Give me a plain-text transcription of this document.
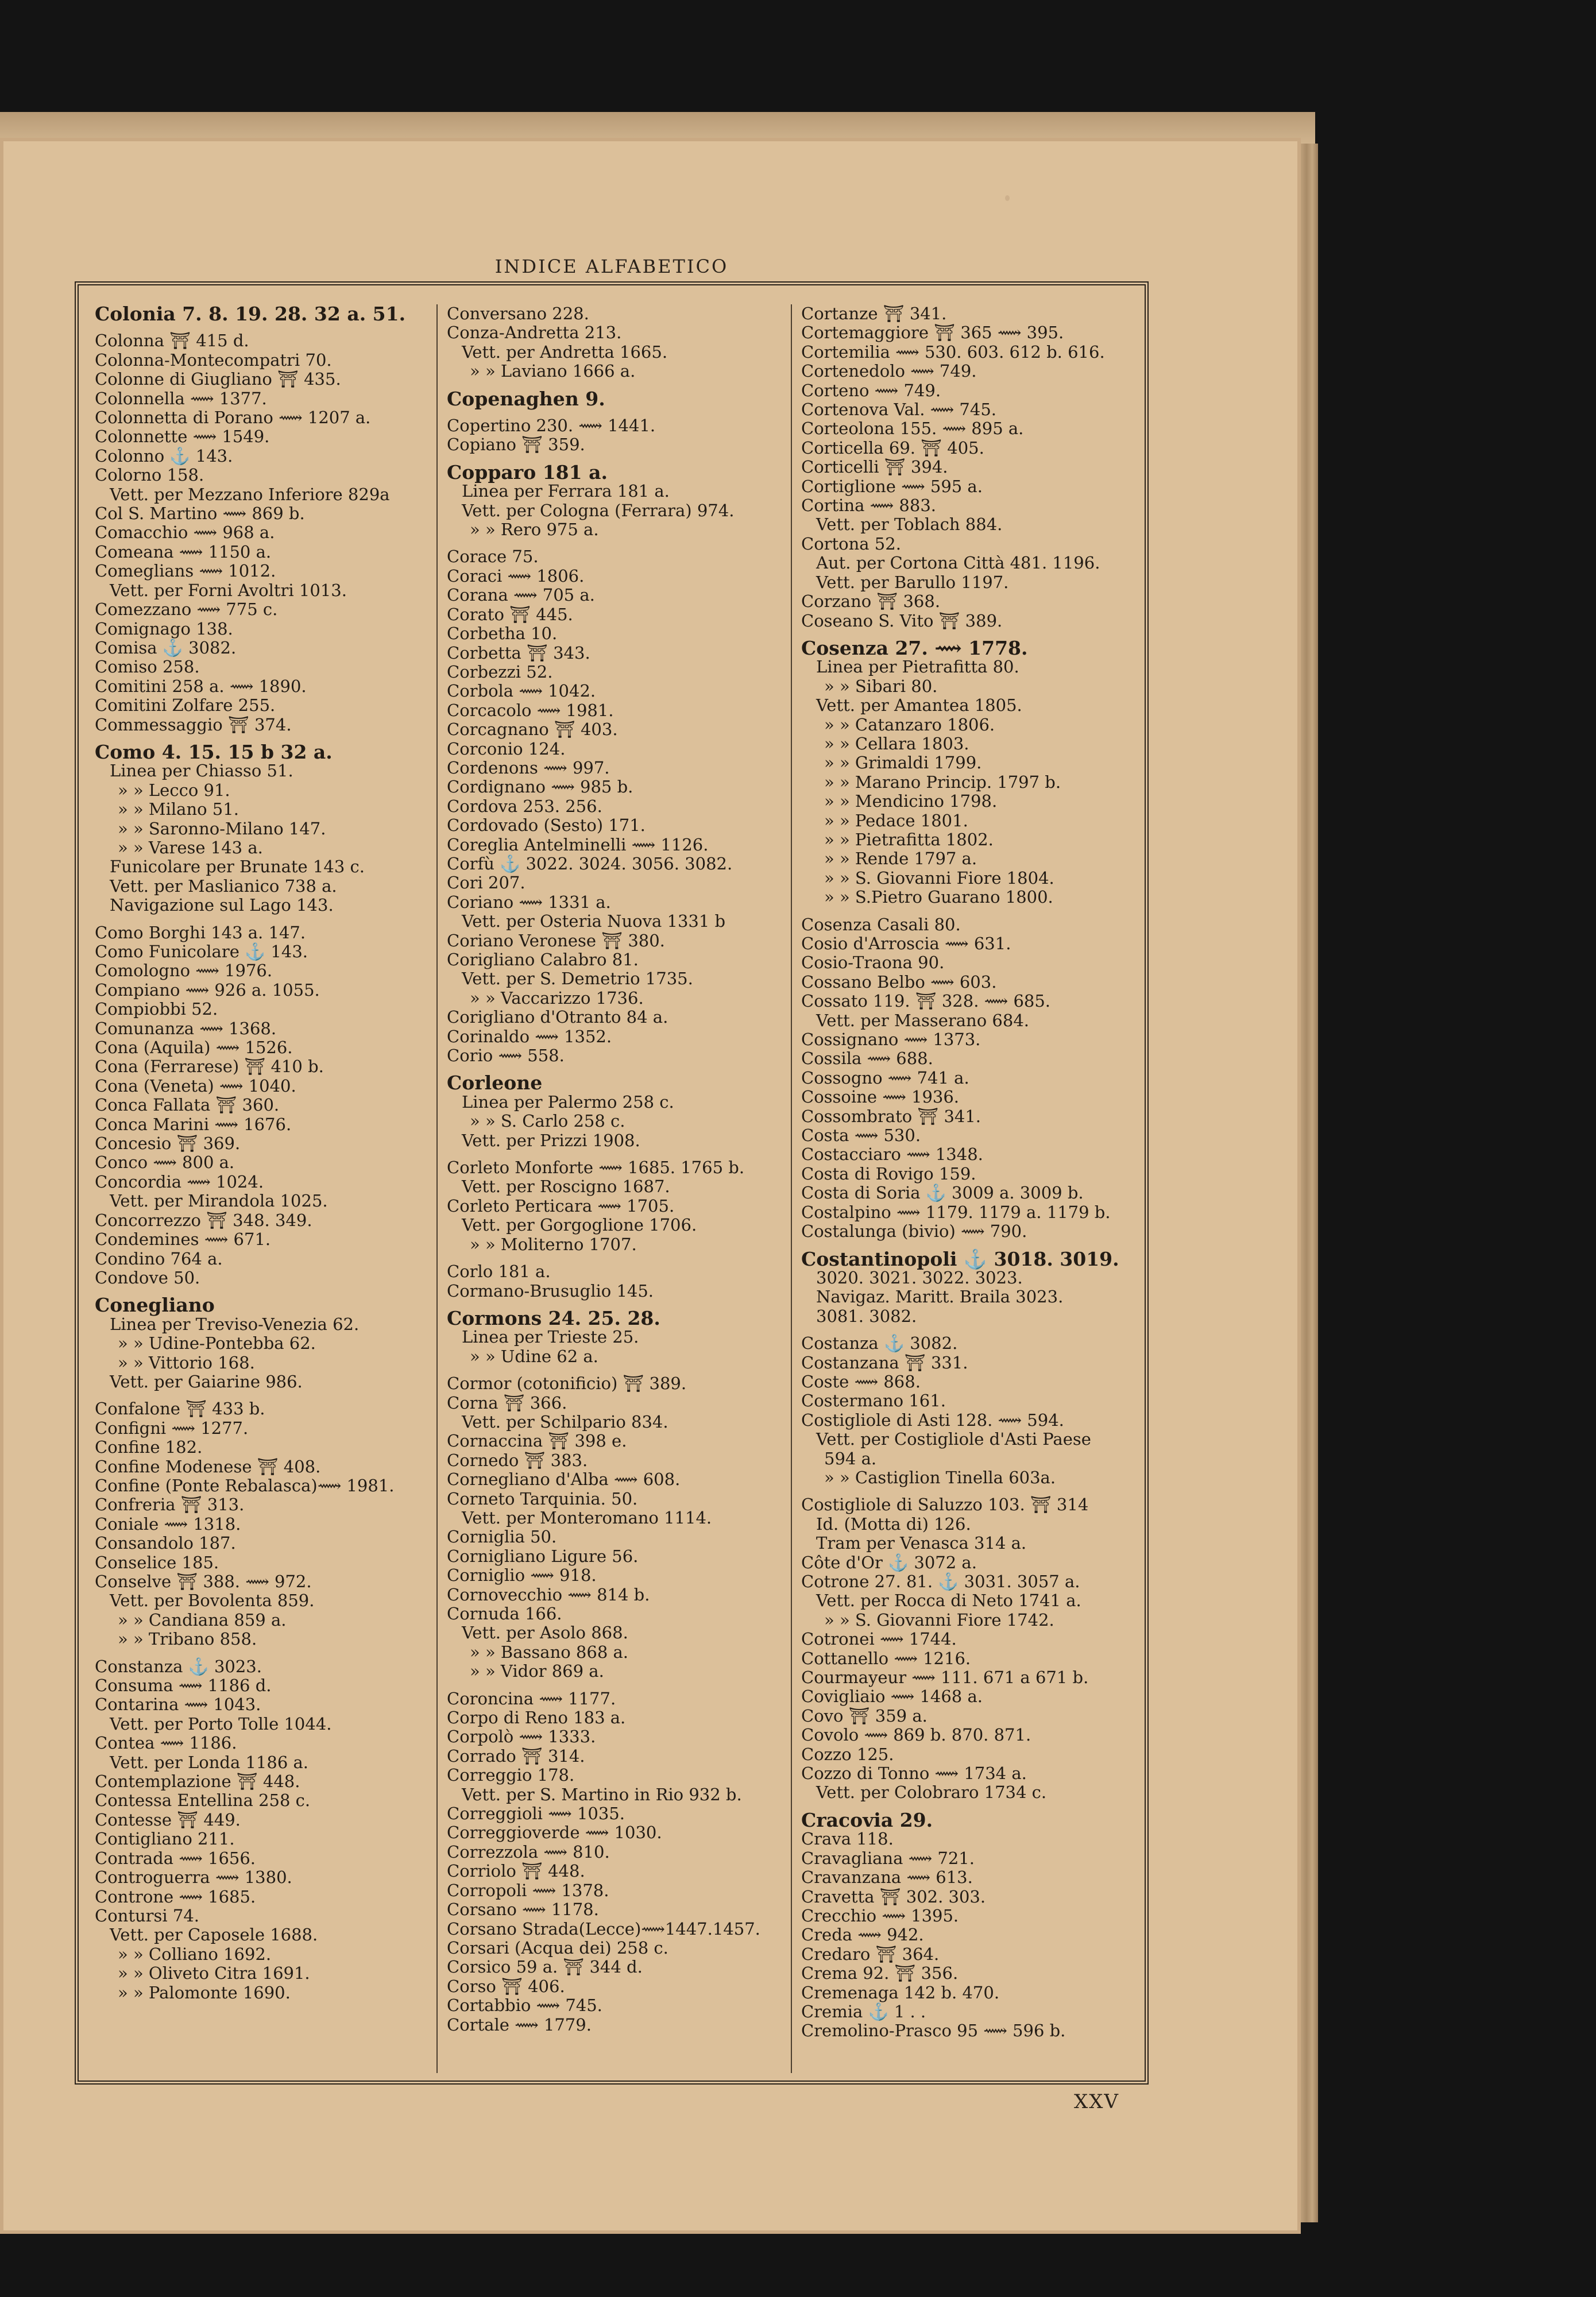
INDICE ALFABETICO
Colonia 7. 8. 19. 28. 32 a. 51.
Colonna ⛩ 415 d.
Colonna-Montecompatri 70.
Colonne di Giugliano ⛩ 435.
Colonnella ⟿ 1377.
Colonnetta di Porano ⟿ 1207 a.
Colonnette ⟿ 1549.
Colonno ⚓ 143.
Colorno 158.
Vett. per Mezzano Inferiore 829a
Col S. Martino ⟿ 869 b.
Comacchio ⟿ 968 a.
Comeana ⟿ 1150 a.
Comeglians ⟿ 1012.
Vett. per Forni Avoltri 1013.
Comezzano ⟿ 775 c.
Comignago 138.
Comisa ⚓ 3082.
Comiso 258.
Comitini 258 a. ⟿ 1890.
Comitini Zolfare 255.
Commessaggio ⛩ 374.
Como 4. 15. 15 b 32 a.
Linea per Chiasso 51.
» » Lecco 91.
» » Milano 51.
» » Saronno-Milano 147.
» » Varese 143 a.
Funicolare per Brunate 143 c.
Vett. per Maslianico 738 a.
Navigazione sul Lago 143.
Como Borghi 143 a. 147.
Como Funicolare ⚓ 143.
Comologno ⟿ 1976.
Compiano ⟿ 926 a. 1055.
Compiobbi 52.
Comunanza ⟿ 1368.
Cona (Aquila) ⟿ 1526.
Cona (Ferrarese) ⛩ 410 b.
Cona (Veneta) ⟿ 1040.
Conca Fallata ⛩ 360.
Conca Marini ⟿ 1676.
Concesio ⛩ 369.
Conco ⟿ 800 a.
Concordia ⟿ 1024.
Vett. per Mirandola 1025.
Concorrezzo ⛩ 348. 349.
Condemines ⟿ 671.
Condino 764 a.
Condove 50.
Conegliano
Linea per Treviso-Venezia 62.
» » Udine-Pontebba 62.
» » Vittorio 168.
Vett. per Gaiarine 986.
Confalone ⛩ 433 b.
Configni ⟿ 1277.
Confine 182.
Confine Modenese ⛩ 408.
Confine (Ponte Rebalasca)⟿ 1981.
Confreria ⛩ 313.
Coniale ⟿ 1318.
Consandolo 187.
Conselice 185.
Conselve ⛩ 388. ⟿ 972.
Vett. per Bovolenta 859.
» » Candiana 859 a.
» » Tribano 858.
Constanza ⚓ 3023.
Consuma ⟿ 1186 d.
Contarina ⟿ 1043.
Vett. per Porto Tolle 1044.
Contea ⟿ 1186.
Vett. per Londa 1186 a.
Contemplazione ⛩ 448.
Contessa Entellina 258 c.
Contesse ⛩ 449.
Contigliano 211.
Contrada ⟿ 1656.
Controguerra ⟿ 1380.
Controne ⟿ 1685.
Contursi 74.
Vett. per Caposele 1688.
» » Colliano 1692.
» » Oliveto Citra 1691.
» » Palomonte 1690.
Conversano 228.
Conza-Andretta 213.
Vett. per Andretta 1665.
» » Laviano 1666 a.
Copenaghen 9.
Copertino 230. ⟿ 1441.
Copiano ⛩ 359.
Copparo 181 a.
Linea per Ferrara 181 a.
Vett. per Cologna (Ferrara) 974.
» » Rero 975 a.
Corace 75.
Coraci ⟿ 1806.
Corana ⟿ 705 a.
Corato ⛩ 445.
Corbetha 10.
Corbetta ⛩ 343.
Corbezzi 52.
Corbola ⟿ 1042.
Corcacolo ⟿ 1981.
Corcagnano ⛩ 403.
Corconio 124.
Cordenons ⟿ 997.
Cordignano ⟿ 985 b.
Cordova 253. 256.
Cordovado (Sesto) 171.
Coreglia Antelminelli ⟿ 1126.
Corfù ⚓ 3022. 3024. 3056. 3082.
Cori 207.
Coriano ⟿ 1331 a.
Vett. per Osteria Nuova 1331 b
Coriano Veronese ⛩ 380.
Corigliano Calabro 81.
Vett. per S. Demetrio 1735.
» » Vaccarizzo 1736.
Corigliano d'Otranto 84 a.
Corinaldo ⟿ 1352.
Corio ⟿ 558.
Corleone
Linea per Palermo 258 c.
» » S. Carlo 258 c.
Vett. per Prizzi 1908.
Corleto Monforte ⟿ 1685. 1765 b.
Vett. per Roscigno 1687.
Corleto Perticara ⟿ 1705.
Vett. per Gorgoglione 1706.
» » Moliterno 1707.
Corlo 181 a.
Cormano-Brusuglio 145.
Cormons 24. 25. 28.
Linea per Trieste 25.
» » Udine 62 a.
Cormor (cotonificio) ⛩ 389.
Corna ⛩ 366.
Vett. per Schilpario 834.
Cornaccina ⛩ 398 e.
Cornedo ⛩ 383.
Cornegliano d'Alba ⟿ 608.
Corneto Tarquinia. 50.
Vett. per Monteromano 1114.
Corniglia 50.
Cornigliano Ligure 56.
Corniglio ⟿ 918.
Cornovecchio ⟿ 814 b.
Cornuda 166.
Vett. per Asolo 868.
» » Bassano 868 a.
» » Vidor 869 a.
Coroncina ⟿ 1177.
Corpo di Reno 183 a.
Corpolò ⟿ 1333.
Corrado ⛩ 314.
Correggio 178.
Vett. per S. Martino in Rio 932 b.
Correggioli ⟿ 1035.
Correggioverde ⟿ 1030.
Correzzola ⟿ 810.
Corriolo ⛩ 448.
Corropoli ⟿ 1378.
Corsano ⟿ 1178.
Corsano Strada(Lecce)⟿1447.1457.
Corsari (Acqua dei) 258 c.
Corsico 59 a. ⛩ 344 d.
Corso ⛩ 406.
Cortabbio ⟿ 745.
Cortale ⟿ 1779.
Cortanze ⛩ 341.
Cortemaggiore ⛩ 365 ⟿ 395.
Cortemilia ⟿ 530. 603. 612 b. 616.
Cortenedolo ⟿ 749.
Corteno ⟿ 749.
Cortenova Val. ⟿ 745.
Corteolona 155. ⟿ 895 a.
Corticella 69. ⛩ 405.
Corticelli ⛩ 394.
Cortiglione ⟿ 595 a.
Cortina ⟿ 883.
Vett. per Toblach 884.
Cortona 52.
Aut. per Cortona Città 481. 1196.
Vett. per Barullo 1197.
Corzano ⛩ 368.
Coseano S. Vito ⛩ 389.
Cosenza 27. ⟿ 1778.
Linea per Pietrafitta 80.
» » Sibari 80.
Vett. per Amantea 1805.
» » Catanzaro 1806.
» » Cellara 1803.
» » Grimaldi 1799.
» » Marano Princip. 1797 b.
» » Mendicino 1798.
» » Pedace 1801.
» » Pietrafitta 1802.
» » Rende 1797 a.
» » S. Giovanni Fiore 1804.
» » S.Pietro Guarano 1800.
Cosenza Casali 80.
Cosio d'Arroscia ⟿ 631.
Cosio-Traona 90.
Cossano Belbo ⟿ 603.
Cossato 119. ⛩ 328. ⟿ 685.
Vett. per Masserano 684.
Cossignano ⟿ 1373.
Cossila ⟿ 688.
Cossogno ⟿ 741 a.
Cossoine ⟿ 1936.
Cossombrato ⛩ 341.
Costa ⟿ 530.
Costacciaro ⟿ 1348.
Costa di Rovigo 159.
Costa di Soria ⚓ 3009 a. 3009 b.
Costalpino ⟿ 1179. 1179 a. 1179 b.
Costalunga (bivio) ⟿ 790.
Costantinopoli ⚓ 3018. 3019.
3020. 3021. 3022. 3023.
Navigaz. Maritt. Braila 3023.
3081. 3082.
Costanza ⚓ 3082.
Costanzana ⛩ 331.
Coste ⟿ 868.
Costermano 161.
Costigliole di Asti 128. ⟿ 594.
Vett. per Costigliole d'Asti Paese
594 a.
» » Castiglion Tinella 603a.
Costigliole di Saluzzo 103. ⛩ 314
Id. (Motta di) 126.
Tram per Venasca 314 a.
Côte d'Or ⚓ 3072 a.
Cotrone 27. 81. ⚓ 3031. 3057 a.
Vett. per Rocca di Neto 1741 a.
» » S. Giovanni Fiore 1742.
Cotronei ⟿ 1744.
Cottanello ⟿ 1216.
Courmayeur ⟿ 111. 671 a 671 b.
Covigliaio ⟿ 1468 a.
Covo ⛩ 359 a.
Covolo ⟿ 869 b. 870. 871.
Cozzo 125.
Cozzo di Tonno ⟿ 1734 a.
Vett. per Colobraro 1734 c.
Cracovia 29.
Crava 118.
Cravagliana ⟿ 721.
Cravanzana ⟿ 613.
Cravetta ⛩ 302. 303.
Crecchio ⟿ 1395.
Creda ⟿ 942.
Credaro ⛩ 364.
Crema 92. ⛩ 356.
Cremenaga 142 b. 470.
Cremia ⚓ 1 . .
Cremolino-Prasco 95 ⟿ 596 b.
XXV
